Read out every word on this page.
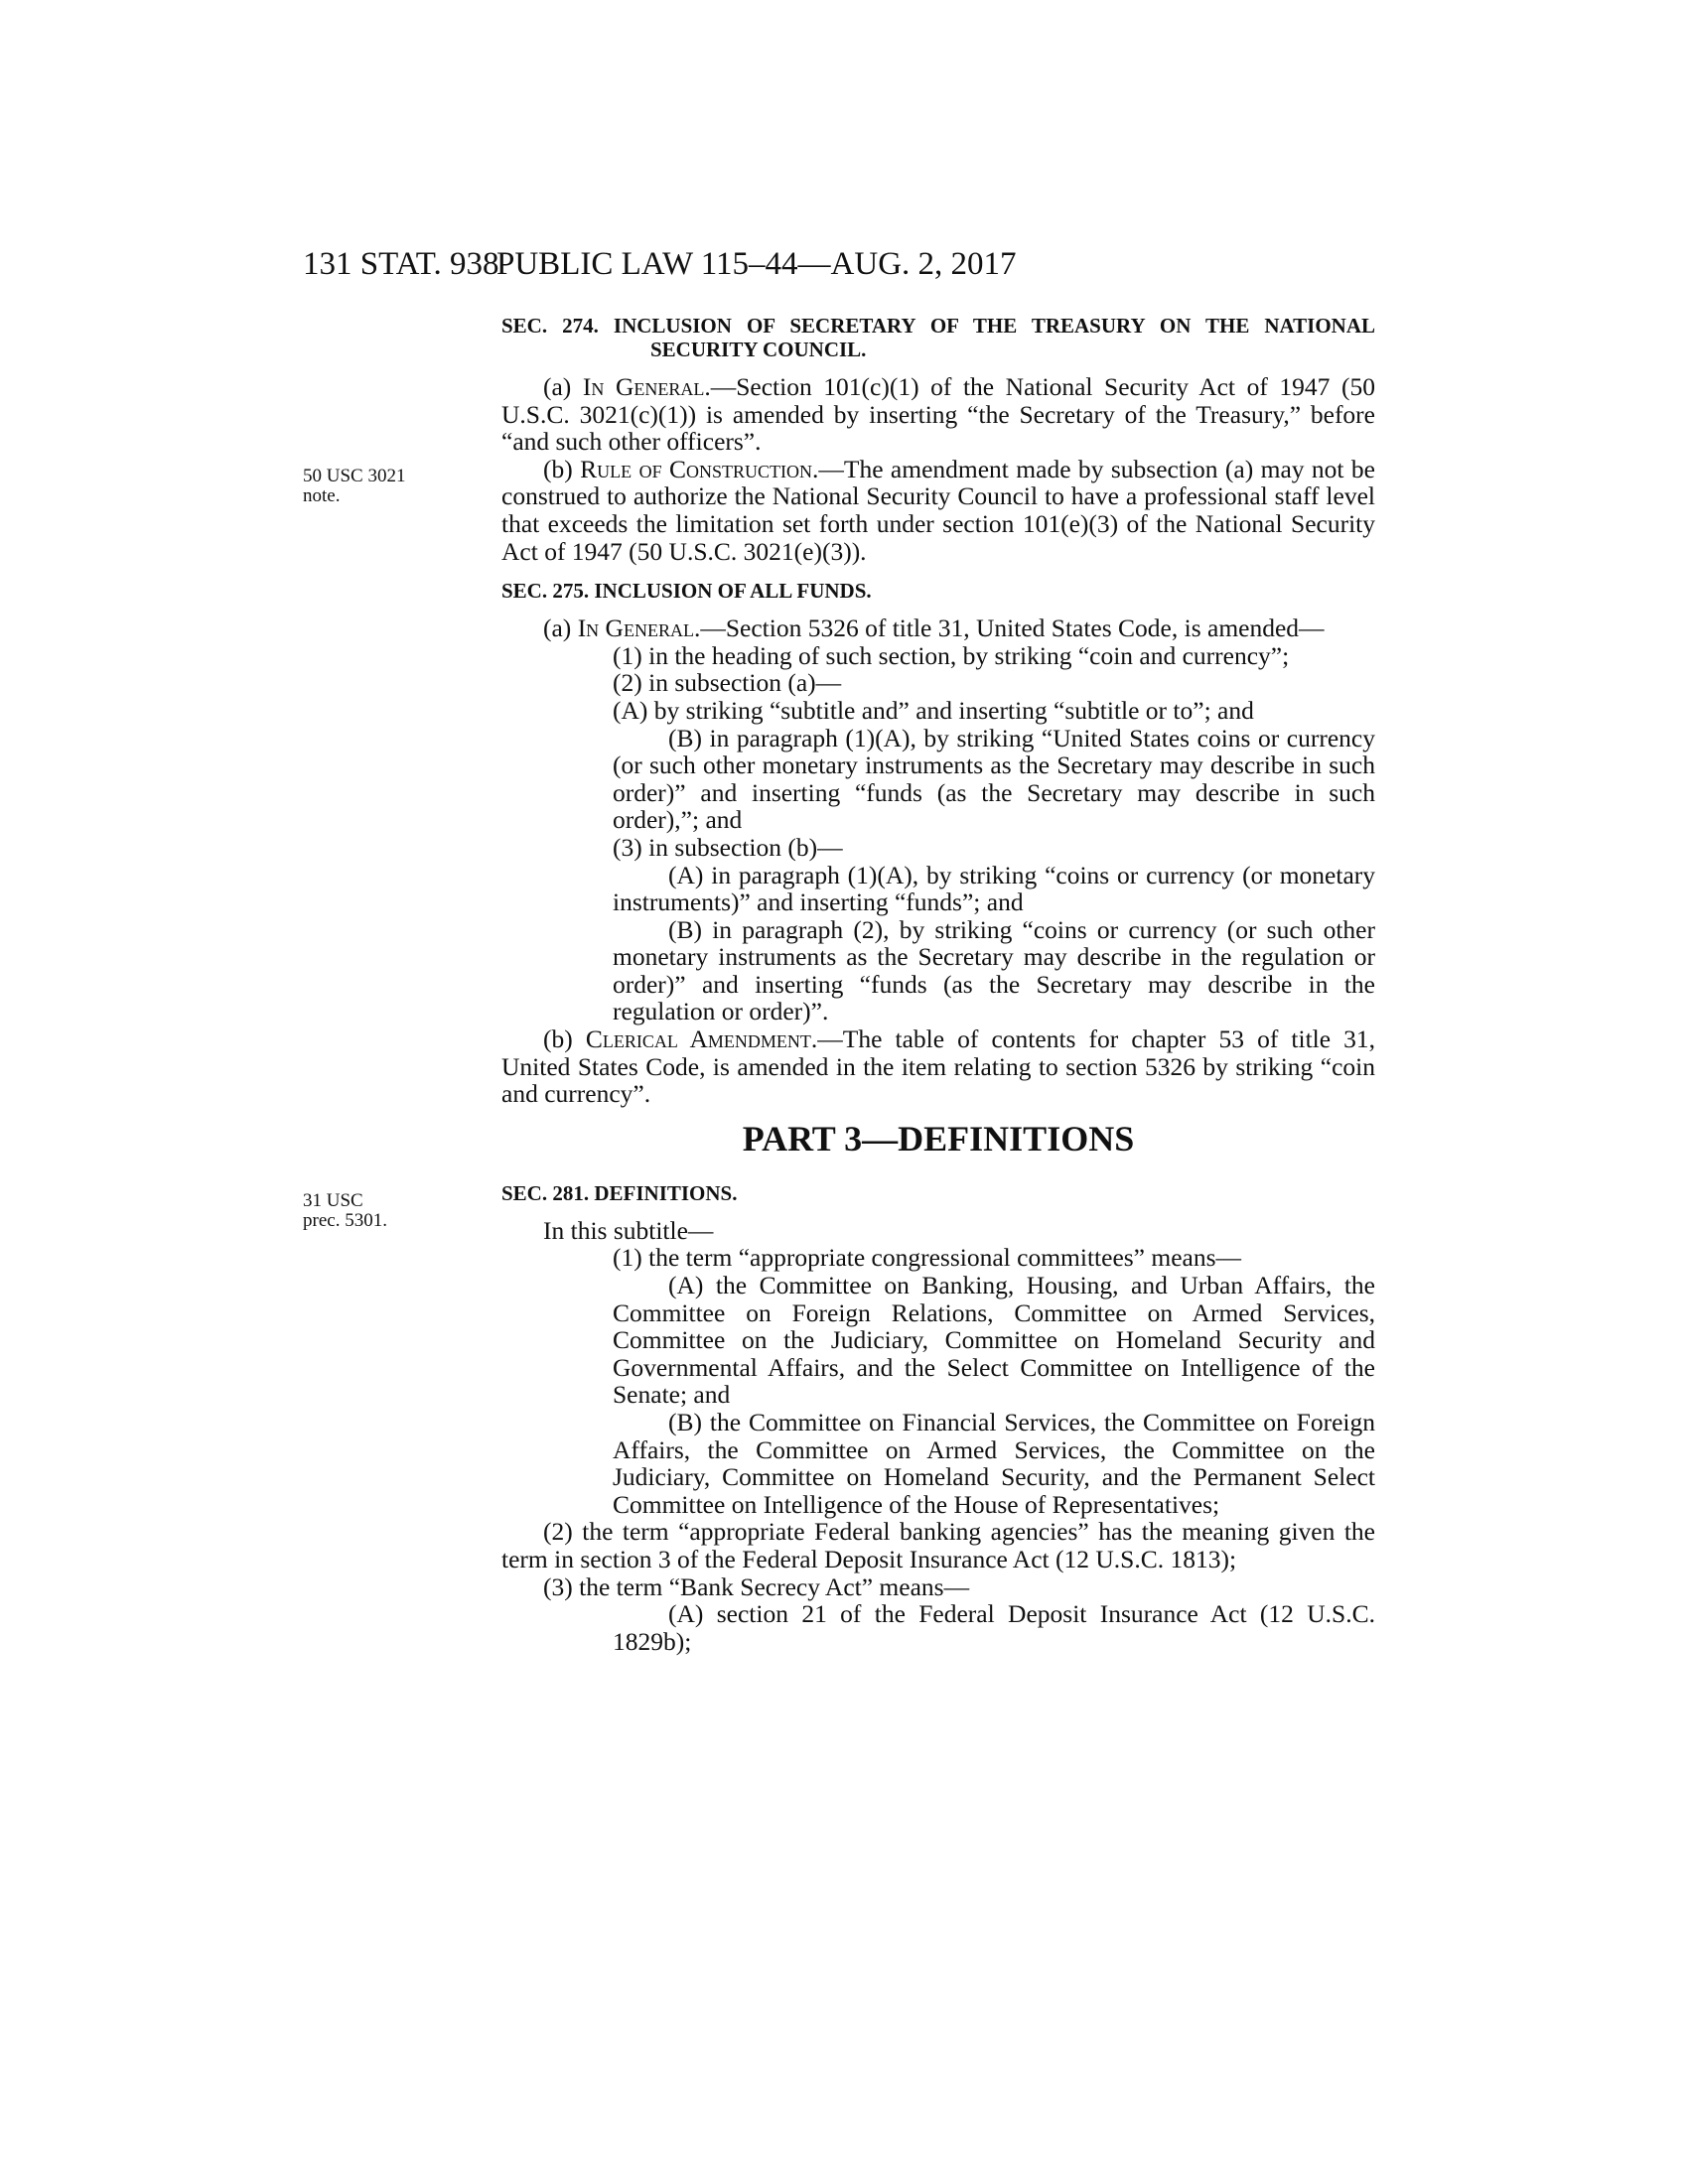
131 STAT. 938
PUBLIC LAW 115–44—AUG. 2, 2017
50 USC 3021
note.
31 USC
prec. 5301.
SEC. 274. INCLUSION OF SECRETARY OF THE TREASURY ON THE NATIONAL SECURITY COUNCIL.

(a) In General.—Section 101(c)(1) of the National Security Act of 1947 (50 U.S.C. 3021(c)(1)) is amended by inserting “the Secretary of the Treasury,” before “and such other officers”.

(b) Rule of Construction.—The amendment made by subsection (a) may not be construed to authorize the National Security Council to have a professional staff level that exceeds the limitation set forth under section 101(e)(3) of the National Security Act of 1947 (50 U.S.C. 3021(e)(3)).

SEC. 275. INCLUSION OF ALL FUNDS.

(a) In General.—Section 5326 of title 31, United States Code, is amended—

(1) in the heading of such section, by striking “coin and currency”;

(2) in subsection (a)—

(A) by striking “subtitle and” and inserting “subtitle or to”; and

(B) in paragraph (1)(A), by striking “United States coins or currency (or such other monetary instruments as the Secretary may describe in such order)” and inserting “funds (as the Secretary may describe in such order),”; and

(3) in subsection (b)—

(A) in paragraph (1)(A), by striking “coins or currency (or monetary instruments)” and inserting “funds”; and

(B) in paragraph (2), by striking “coins or currency (or such other monetary instruments as the Secretary may describe in the regulation or order)” and inserting “funds (as the Secretary may describe in the regulation or order)”.

(b) Clerical Amendment.—The table of contents for chapter 53 of title 31, United States Code, is amended in the item relating to section 5326 by striking “coin and currency”.

PART 3—DEFINITIONS
SEC. 281. DEFINITIONS.

In this subtitle—

(1) the term “appropriate congressional committees” means—

(A) the Committee on Banking, Housing, and Urban Affairs, the Committee on Foreign Relations, Committee on Armed Services, Committee on the Judiciary, Committee on Homeland Security and Governmental Affairs, and the Select Committee on Intelligence of the Senate; and

(B) the Committee on Financial Services, the Committee on Foreign Affairs, the Committee on Armed Services, the Committee on the Judiciary, Committee on Homeland Security, and the Permanent Select Committee on Intelligence of the House of Representatives;

(2) the term “appropriate Federal banking agencies” has the meaning given the term in section 3 of the Federal Deposit Insurance Act (12 U.S.C. 1813);

(3) the term “Bank Secrecy Act” means—

(A) section 21 of the Federal Deposit Insurance Act (12 U.S.C. 1829b);
